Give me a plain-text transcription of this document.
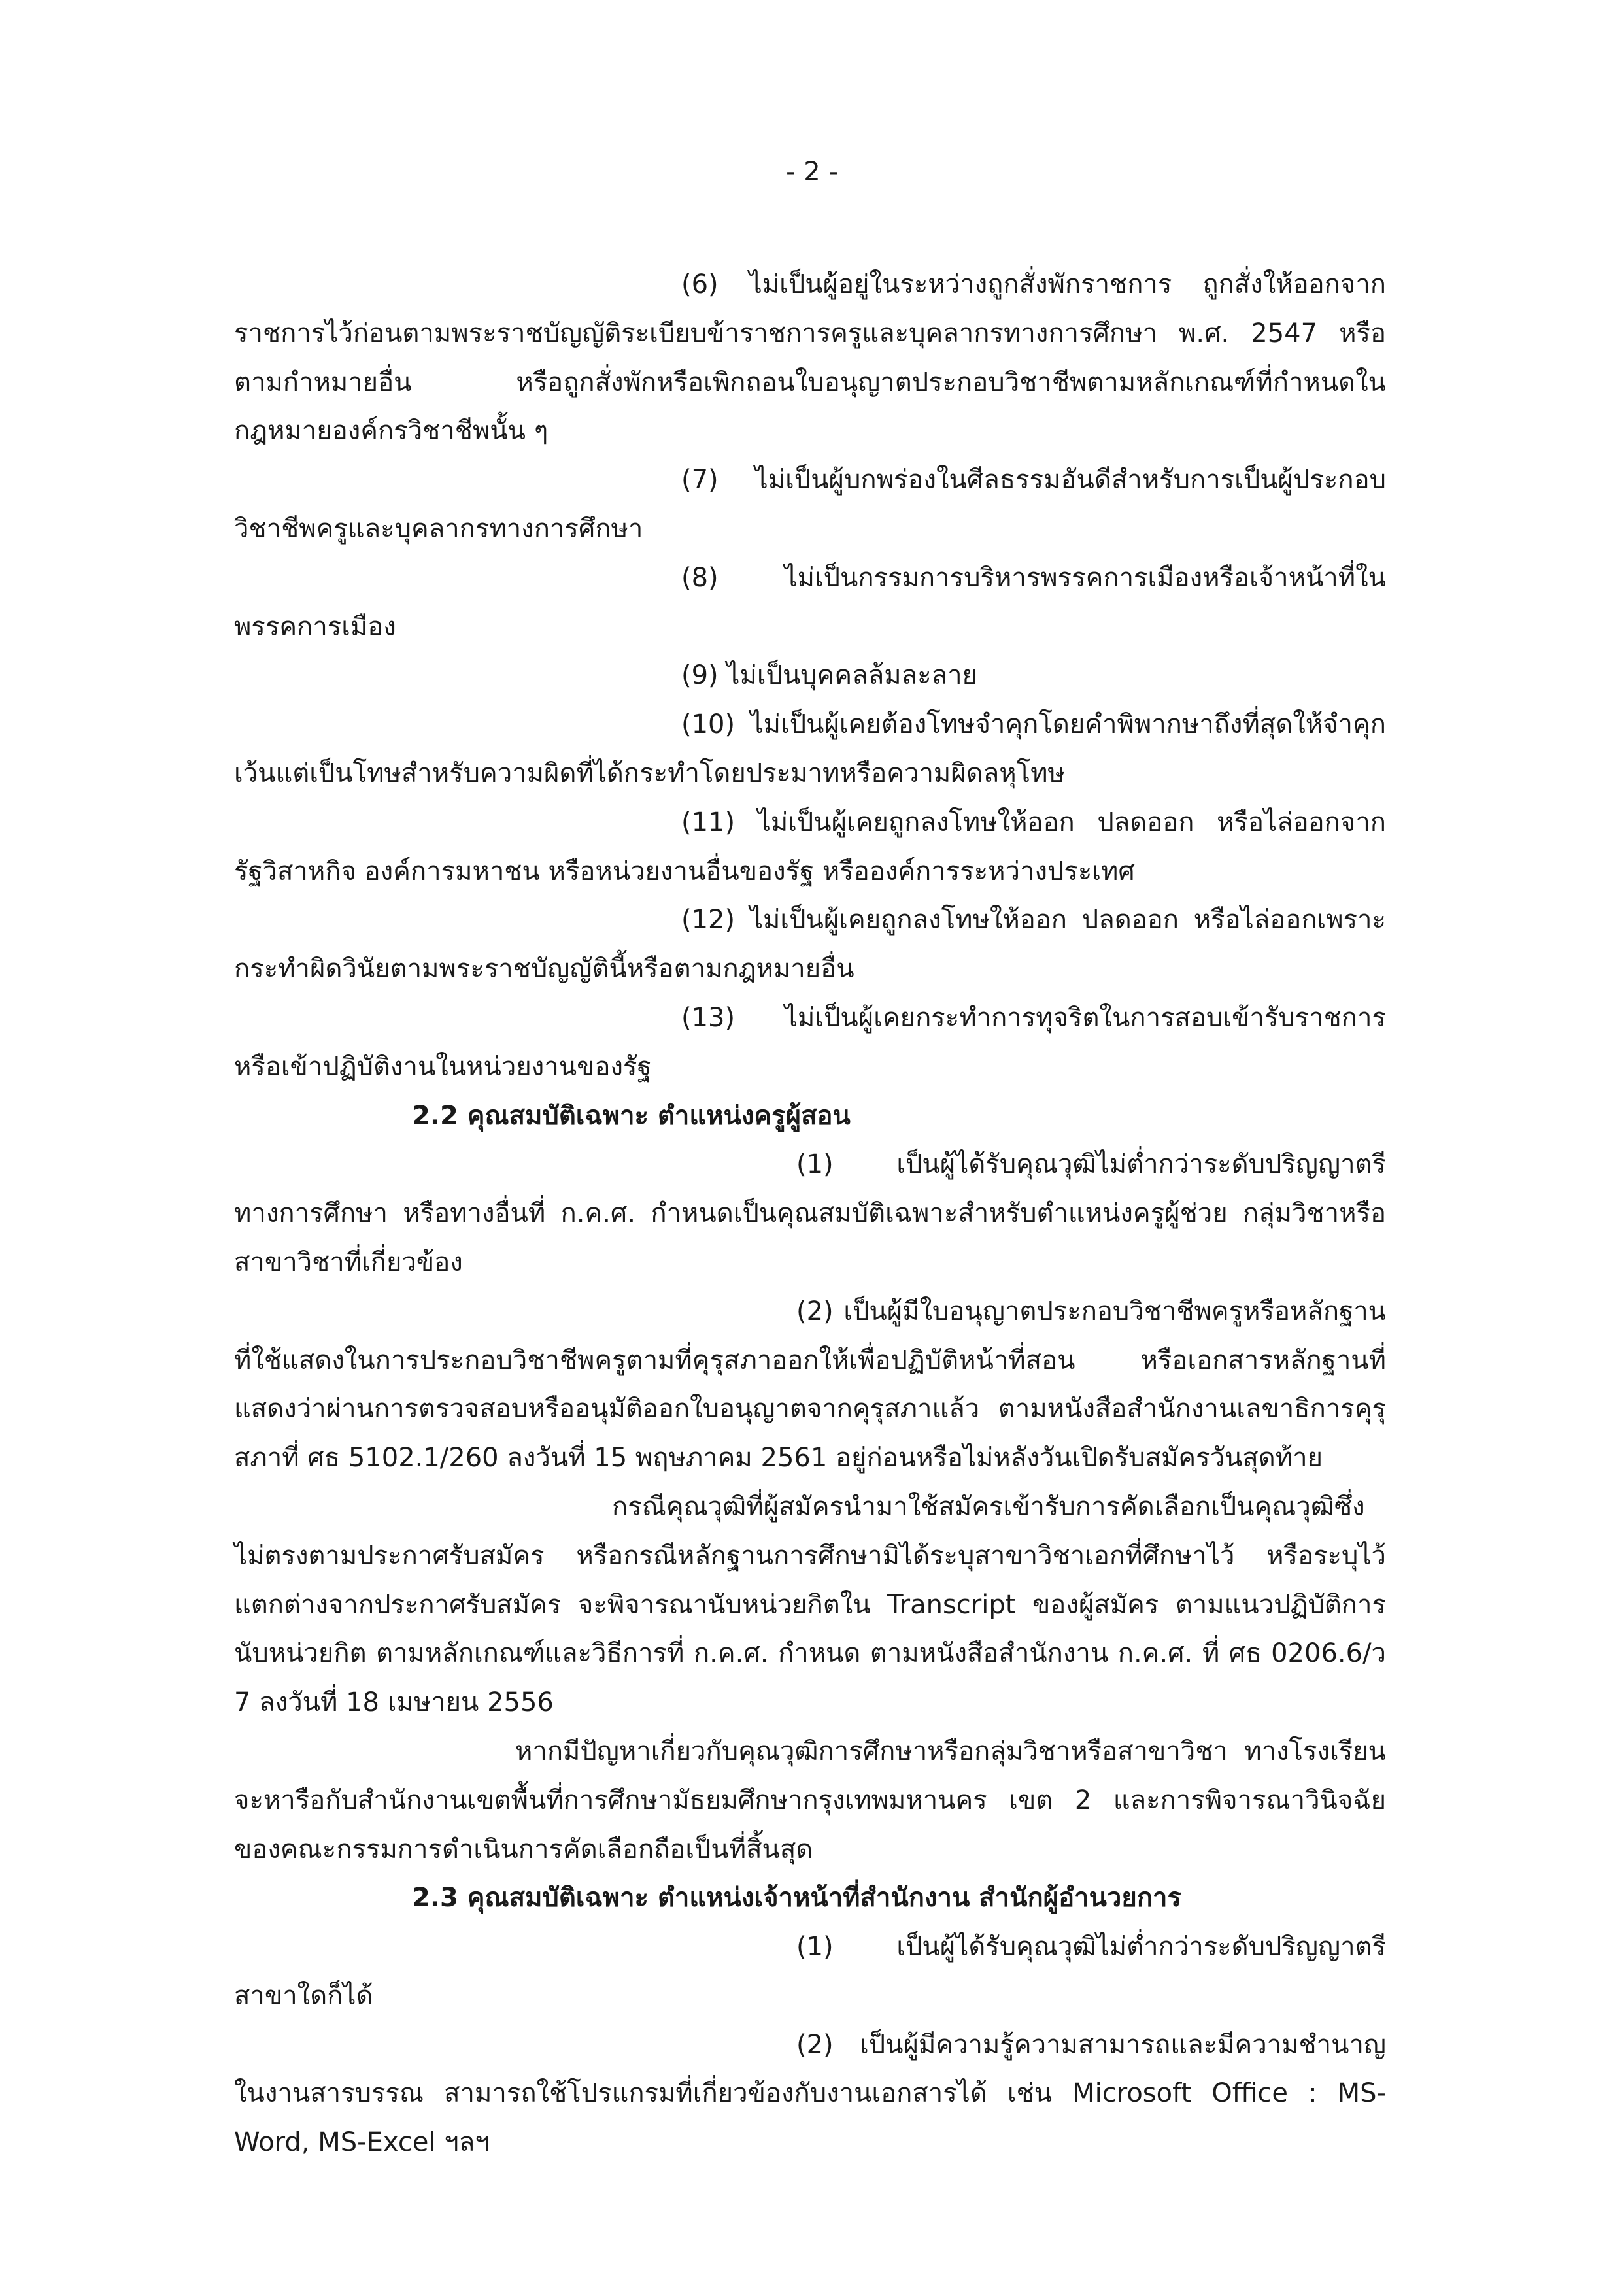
- 2 -

(6) ไม่เป็นผู้อยู่ในระหว่างถูกสั่งพักราชการ ถูกสั่งให้ออกจากราชการไว้ก่อนตามพระราชบัญญัติระเบียบข้าราชการครูและบุคลากรทางการศึกษา พ.ศ. 2547 หรือตามกำหมายอื่น หรือถูกสั่งพักหรือเพิกถอนใบอนุญาตประกอบวิชาชีพตามหลักเกณฑ์ที่กำหนดในกฎหมายองค์กรวิชาชีพนั้น ๆ

(7) ไม่เป็นผู้บกพร่องในศีลธรรมอันดีสำหรับการเป็นผู้ประกอบวิชาชีพครูและบุคลากรทางการศึกษา

(8)	ไม่เป็นกรรมการบริหารพรรคการเมืองหรือเจ้าหน้าที่ในพรรคการเมือง

(9) ไม่เป็นบุคคลล้มละลาย

(10) ไม่เป็นผู้เคยต้องโทษจำคุกโดยคำพิพากษาถึงที่สุดให้จำคุก เว้นแต่เป็นโทษสำหรับความผิดที่ได้กระทำโดยประมาทหรือความผิดลหุโทษ

(11) ไม่เป็นผู้เคยถูกลงโทษให้ออก ปลดออก หรือไล่ออกจากรัฐวิสาหกิจ องค์การมหาชน หรือหน่วยงานอื่นของรัฐ หรือองค์การระหว่างประเทศ

(12) ไม่เป็นผู้เคยถูกลงโทษให้ออก ปลดออก หรือไล่ออกเพราะกระทำผิดวินัยตามพระราชบัญญัตินี้หรือตามกฎหมายอื่น

(13) ไม่เป็นผู้เคยกระทำการทุจริตในการสอบเข้ารับราชการหรือเข้าปฏิบัติงานในหน่วยงานของรัฐ

2.2 คุณสมบัติเฉพาะ ตำแหน่งครูผู้สอน

(1) เป็นผู้ได้รับคุณวุฒิไม่ต่ำกว่าระดับปริญญาตรีทางการศึกษา หรือทางอื่นที่ ก.ค.ศ. กำหนดเป็นคุณสมบัติเฉพาะสำหรับตำแหน่งครูผู้ช่วย กลุ่มวิชาหรือสาขาวิชาที่เกี่ยวข้อง

(2) เป็นผู้มีใบอนุญาตประกอบวิชาชีพครูหรือหลักฐานที่ใช้แสดงในการประกอบวิชาชีพครูตามที่คุรุสภาออกให้เพื่อปฏิบัติหน้าที่สอน หรือเอกสารหลักฐานที่แสดงว่าผ่านการตรวจสอบหรืออนุมัติออกใบอนุญาตจากคุรุสภาแล้ว ตามหนังสือสำนักงานเลขาธิการคุรุสภาที่ ศธ 5102.1/260 ลงวันที่ 15 พฤษภาคม 2561 อยู่ก่อนหรือไม่หลังวันเปิดรับสมัครวันสุดท้าย

กรณีคุณวุฒิที่ผู้สมัครนำมาใช้สมัครเข้ารับการคัดเลือกเป็นคุณวุฒิซึ่งไม่ตรงตามประกาศรับสมัคร หรือกรณีหลักฐานการศึกษามิได้ระบุสาขาวิชาเอกที่ศึกษาไว้ หรือระบุไว้แตกต่างจากประกาศรับสมัคร จะพิจารณานับหน่วยกิตใน Transcript ของผู้สมัคร ตามแนวปฏิบัติการนับหน่วยกิต ตามหลักเกณฑ์และวิธีการที่ ก.ค.ศ. กำหนด ตามหนังสือสำนักงาน ก.ค.ศ. ที่ ศธ 0206.6/ว 7 ลงวันที่ 18 เมษายน 2556

หากมีปัญหาเกี่ยวกับคุณวุฒิการศึกษาหรือกลุ่มวิชาหรือสาขาวิชา ทางโรงเรียนจะหารือกับสำนักงานเขตพื้นที่การศึกษามัธยมศึกษากรุงเทพมหานคร เขต 2 และการพิจารณาวินิจฉัยของคณะกรรมการดำเนินการคัดเลือกถือเป็นที่สิ้นสุด

2.3 คุณสมบัติเฉพาะ ตำแหน่งเจ้าหน้าที่สำนักงาน สำนักผู้อำนวยการ

(1) เป็นผู้ได้รับคุณวุฒิไม่ต่ำกว่าระดับปริญญาตรี สาขาใดก็ได้

(2) เป็นผู้มีความรู้ความสามารถและมีความชำนาญในงานสารบรรณ สามารถใช้โปรแกรมที่เกี่ยวข้องกับงานเอกสารได้ เช่น Microsoft Office : MS-Word, MS-Excel ฯลฯ
